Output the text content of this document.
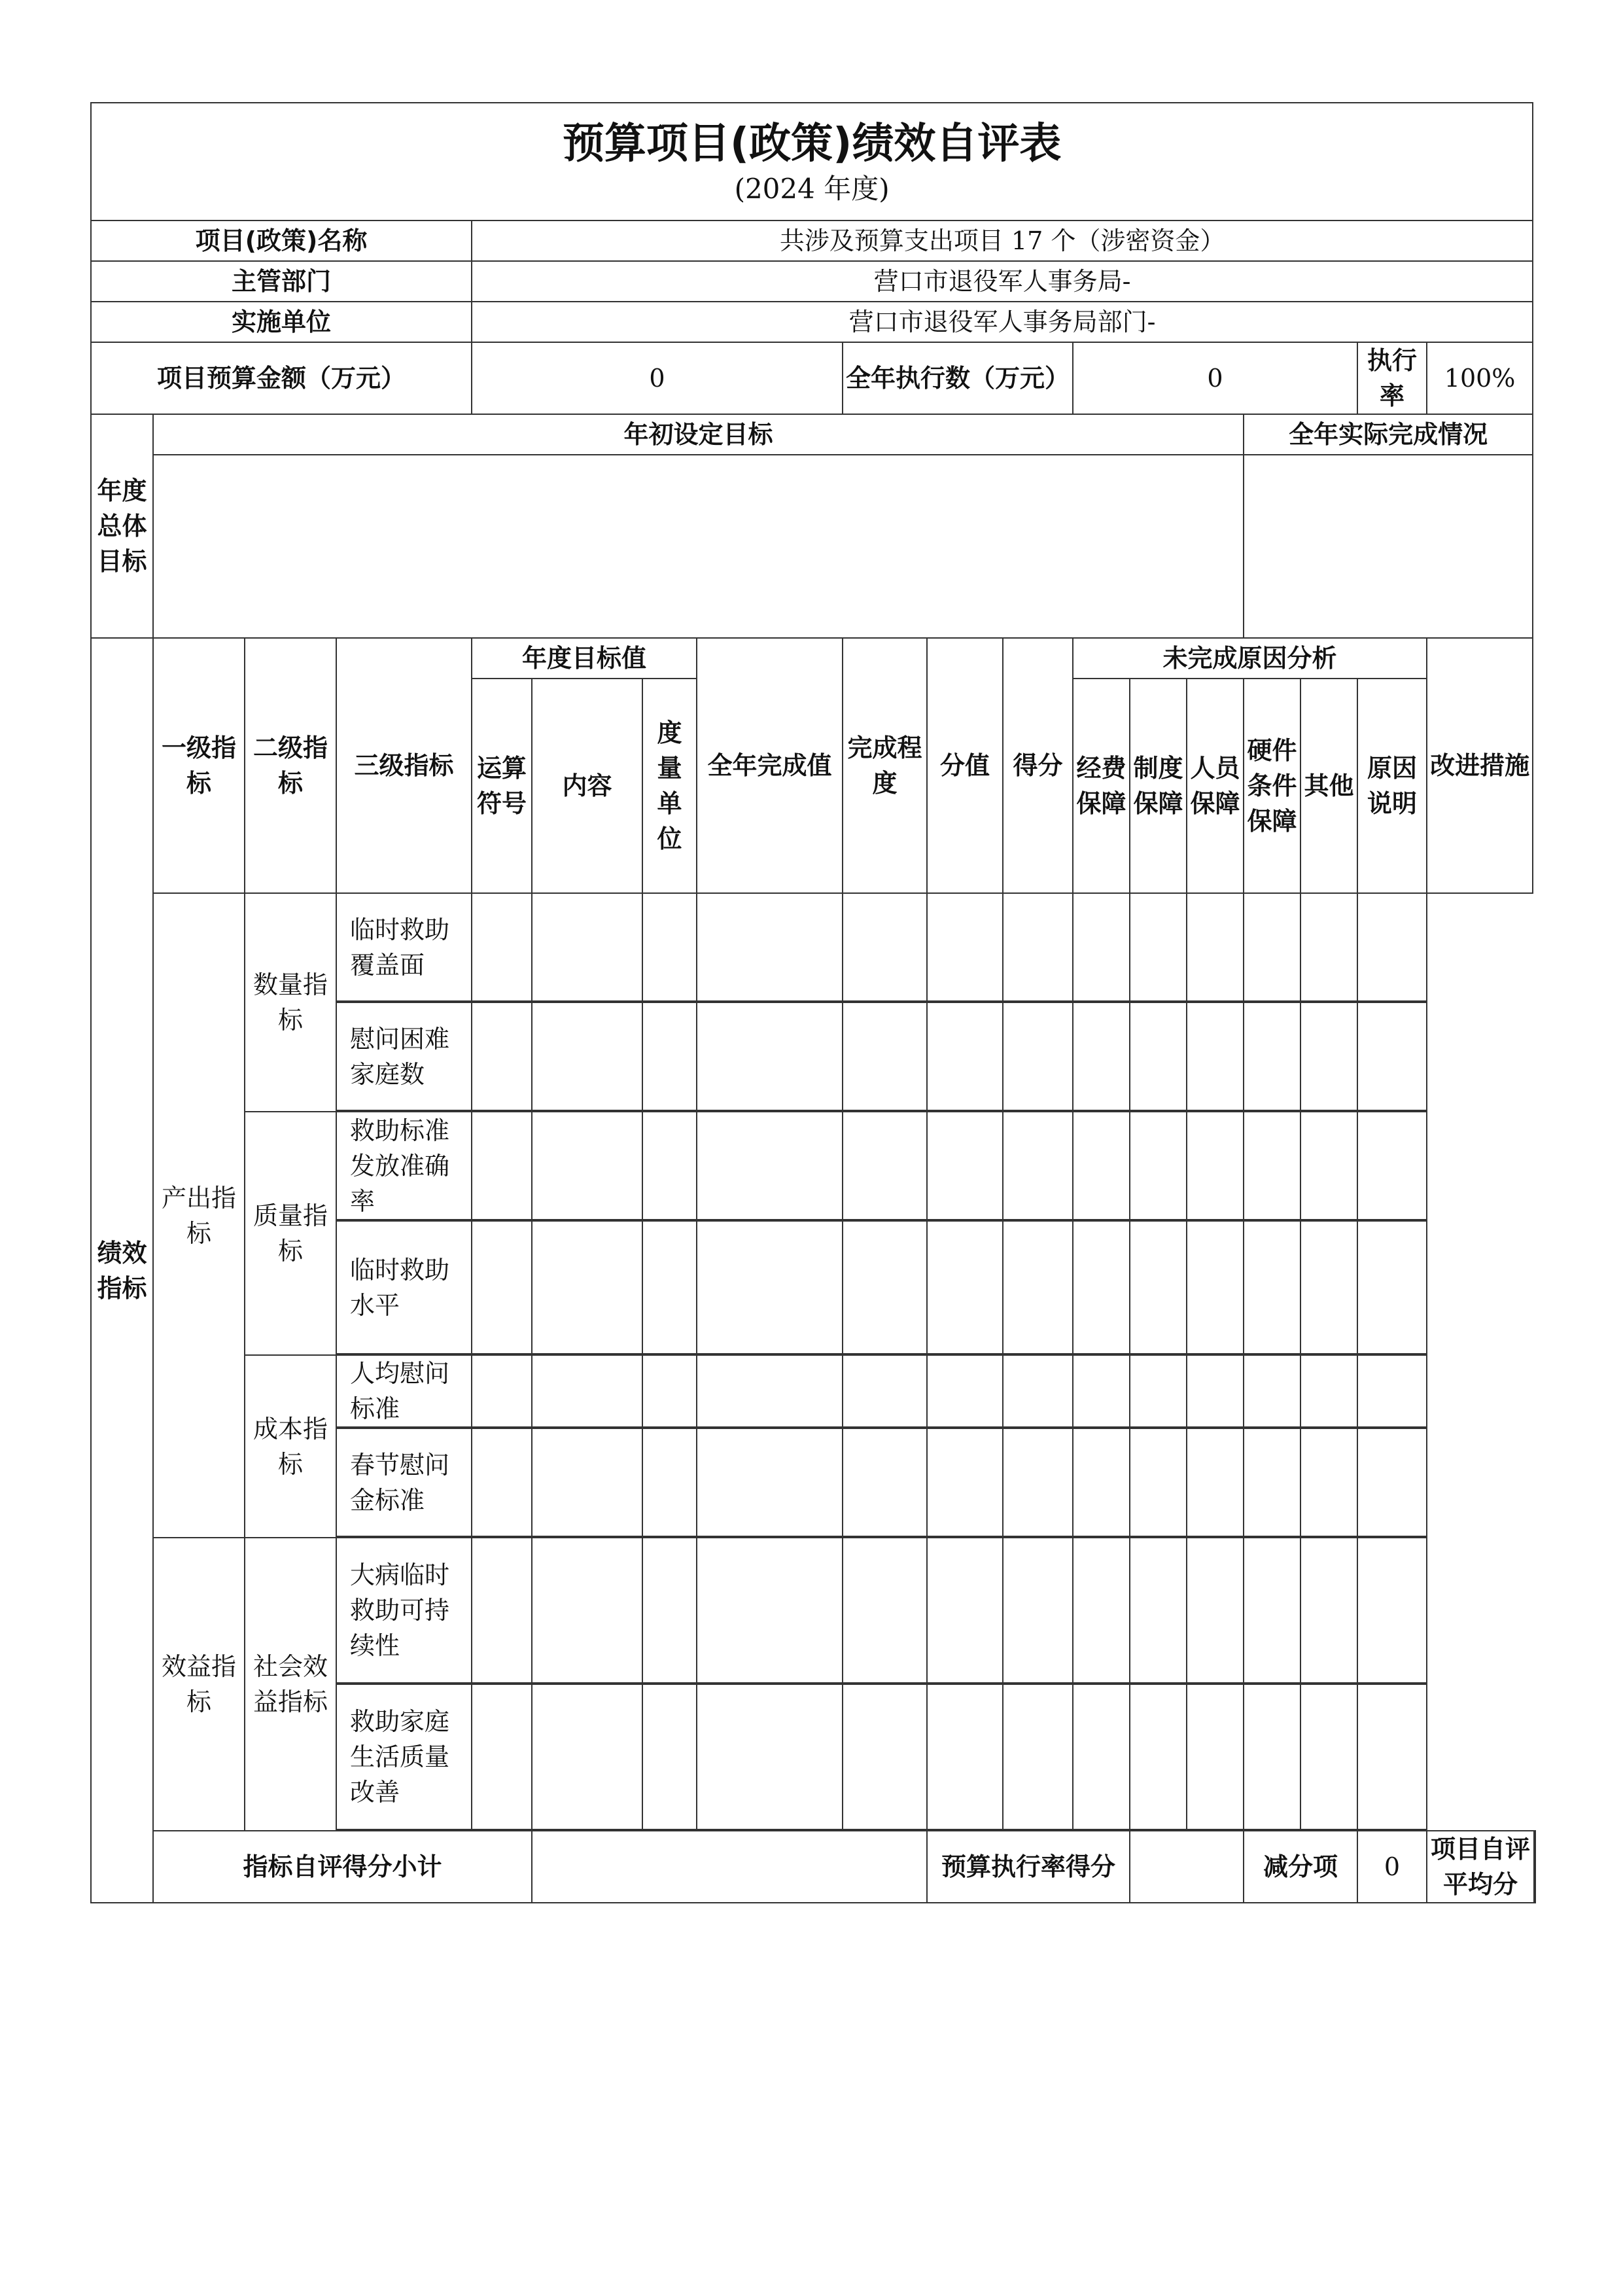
预算项目(政策)绩效自评表
(2024 年度)																		

项目(政策)名称				共涉及预算支出项目 17 个（涉密资金）														
主管部门				营口市退役军人事务局-														
实施单位				营口市退役军人事务局部门-														
项目预算金额（万元）				0				全年执行数（万元）			0					执行率	100%	
年度总体目标	年初设定目标													全年实际完成情况				

绩效指标	一级指标	二级指标	三级指标	年度目标值			全年完成值	完成程度	分值	得分	未完成原因分析						改进措施	
				运算符号	内容	度量单位					经费保障	制度保障	人员保障	硬件条件保障	其他	原因说明		
	产出指标	数量指标	临时救助覆盖面															

			慰问困难家庭数															

		质量指标	救助标准发放准确率															

			临时救助水平															

		成本指标	人均慰问标准															

			春节慰问金标准															

	效益指标	社会效益指标	大病临时救助可持续性															

			救助家庭生活质量改善															

	指标自评得分小计								预算执行率得分					减分项		0	项目自评平均分	
